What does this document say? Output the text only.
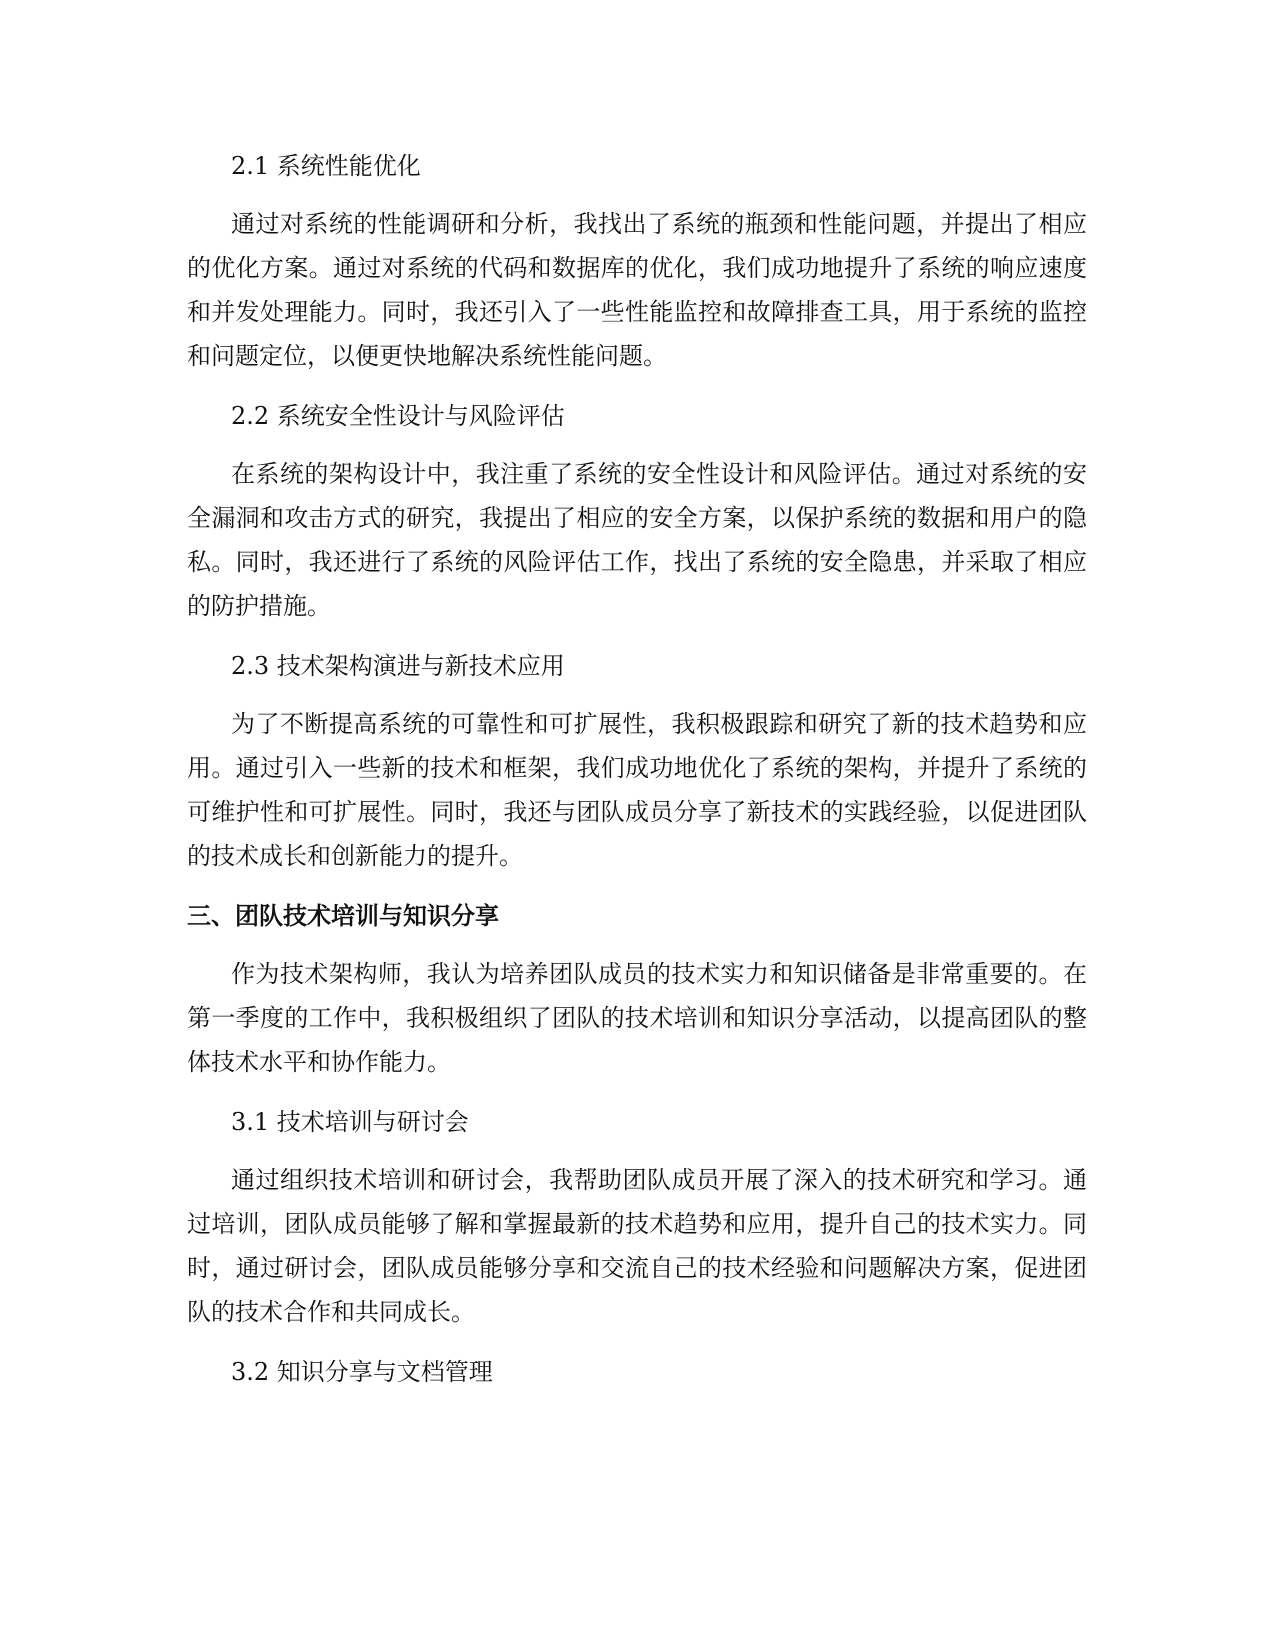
2.1 系统性能优化

通过对系统的性能调研和分析，我找出了系统的瓶颈和性能问题，并提出了相应的优化方案。通过对系统的代码和数据库的优化，我们成功地提升了系统的响应速度和并发处理能力。同时，我还引入了一些性能监控和故障排查工具，用于系统的监控和问题定位，以便更快地解决系统性能问题。

2.2 系统安全性设计与风险评估

在系统的架构设计中，我注重了系统的安全性设计和风险评估。通过对系统的安全漏洞和攻击方式的研究，我提出了相应的安全方案，以保护系统的数据和用户的隐私。同时，我还进行了系统的风险评估工作，找出了系统的安全隐患，并采取了相应的防护措施。

2.3 技术架构演进与新技术应用

为了不断提高系统的可靠性和可扩展性，我积极跟踪和研究了新的技术趋势和应用。通过引入一些新的技术和框架，我们成功地优化了系统的架构，并提升了系统的可维护性和可扩展性。同时，我还与团队成员分享了新技术的实践经验，以促进团队的技术成长和创新能力的提升。

三、团队技术培训与知识分享

作为技术架构师，我认为培养团队成员的技术实力和知识储备是非常重要的。在第一季度的工作中，我积极组织了团队的技术培训和知识分享活动，以提高团队的整体技术水平和协作能力。

3.1 技术培训与研讨会

通过组织技术培训和研讨会，我帮助团队成员开展了深入的技术研究和学习。通过培训，团队成员能够了解和掌握最新的技术趋势和应用，提升自己的技术实力。同时，通过研讨会，团队成员能够分享和交流自己的技术经验和问题解决方案，促进团队的技术合作和共同成长。

3.2 知识分享与文档管理
